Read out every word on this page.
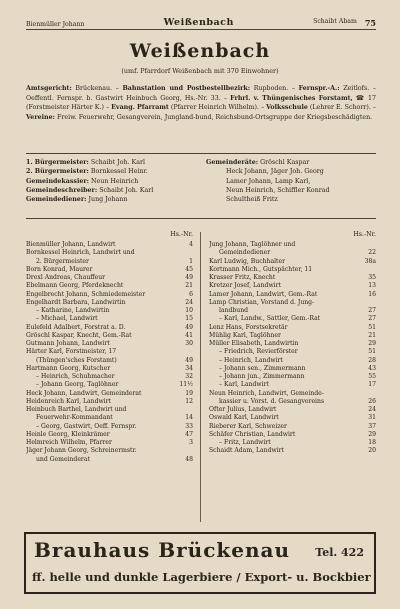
Bienmüller Johann	Weißenbach	Schaibt Abam 75
Weißenbach
(umf. Pfarrdorf Weißenbach mit 370 Einwohner)
Amtsgericht: Brückenau. – Bahnstation und Postbestellbezirk: Rupboden. – Fernspr.-A.: Zeitlofs. – Oeffentl. Fernspr. b. Gastwirt Heinbuch Georg, Hs.-Nr. 33. – Frhrl. v. Thüngenisches Forstamt, ☎ 17 (Forstmeister Härter K.) – Evang. Pfarramt (Pfarrer Heinrich Wilhelm). – Volksschule (Lehrer E. Schorr). – Vereine: Freiw. Feuerwehr, Gesangverein, Jungland-bund, Reichsbund-Ortsgruppe der Kriegsbeschädigten.
1. Bürgermeister: Schaibt Joh. Karl
2. Bürgermeister: Bornkessel Heinr.
Gemeindekassier: Neun Heinrich
Gemeindeschreiber: Schaibt Joh. Karl
Gemeindediener: Jung Johann
Gemeinderäte: Gröschl Kaspar
Heck Johann, Jäger Joh. Georg
Lamer Johann, Lamp Karl,
Neun Heinrich, Schiffler Konrad
Schultheiß Fritz
Hs.-Nr.
Bienmüller Johann, Landwirt	4
Bornkessel Heinrich, Landwirt und
2. Bürgermeister	1
Born Konrad, Maurer	45
Drexl Andreas, Chauffeur	49
Ebelmann Georg, Pferdeknecht	21
Engelbrecht Johann, Schmiedemeister	6
Engelhardt Barbara, Landwirtin	24
– Katharine, Landwirtin	10
– Michael, Landwirt	15
Eulefeld Adalbert, Forstrat a. D.	49
Gröschl Kaspar, Knecht, Gem.-Rat	41
Gutmann Johann, Landwirt	30
Härter Karl, Forstmeister, 17
(Thüngen'sches Forstamt)	49
Hartmann Georg, Kutscher	34
– Heinrich, Schuhmacher	32
– Johann Georg, Taglöhner	11½
Heck Johann, Landwirt, Gemeinderat	19
Heidenreich Karl, Landwirt	12
Heinbuch Barthel, Landwirt und
Feuerwehr-Kommandant	14
– Georg, Gastwirt, Oeff. Fernspr.	33
Heinle Georg, Kleinkrämer	47
Helmreich Wilhelm, Pfarrer	3
Jäger Johann Georg, Schreinermstr.
und Gemeinderat	48
Hs.-Nr.
Jung Johann, Taglöhner und
Gemeindediener	22
Karl Ludwig, Buchhalter	38a
Kortmann Mich., Gutspächter, 11
Krasser Fritz, Knecht	35
Kretzer Josef, Landwirt	13
Lamer Johann, Landwirt, Gem.-Rat	16
Lamp Christian, Vorstand d. Jung-
landbund	27
– Karl, Landw., Sattler, Gem.-Rat	27
Lenz Hans, Forstsekretär	51
Mühlig Karl, Taglöhner	21
Müller Elisabeth, Landwirtin	29
– Friedrich, Revierförster	51
– Heinrich, Landwirt	28
– Johann sen., Zimmermann	43
– Johann jun., Zimmermann	55
– Karl, Landwirt	17
Neun Heinrich, Landwirt, Gemeinde-
kassier u. Vorst. d. Gesangvereins	26
Ofter Julius, Landwirt	24
Oswald Karl, Landwirt	31
Rieberer Karl, Schweizer	37
Schäfer Christian, Landwirt	29
– Fritz, Landwirt	18
Schaidt Adam, Landwirt	20
Brauhaus Brückenau Tel. 422
ff. helle und dunkle Lagerbiere / Export- u. Bockbier
